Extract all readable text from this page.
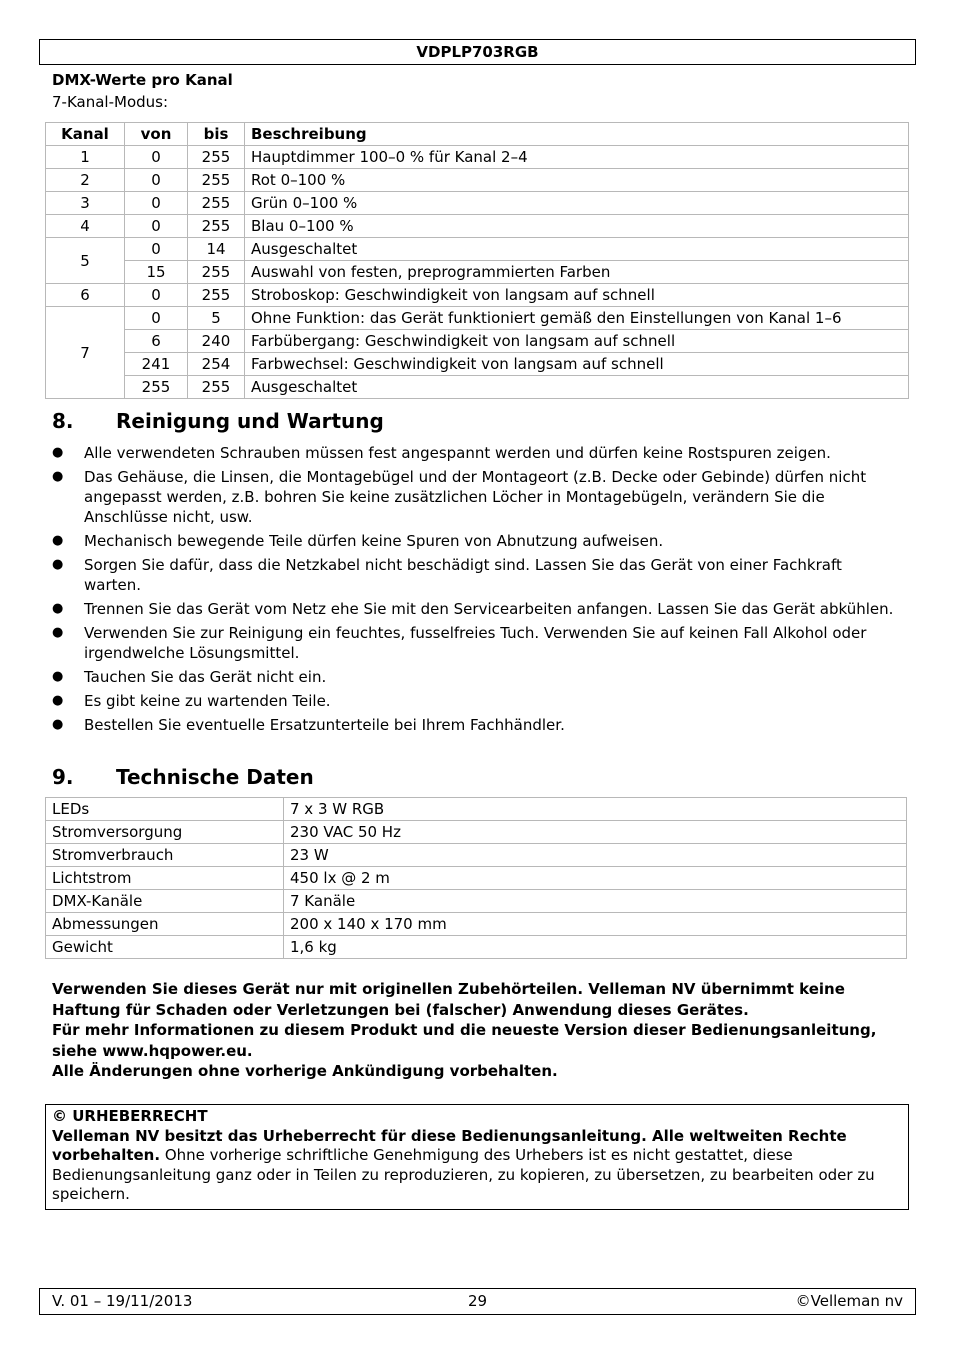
VDPLP703RGB
DMX-Werte pro Kanal
7-Kanal-Modus:
Kanal	von	bis	Beschreibung
1	0	255	Hauptdimmer 100–0 % für Kanal 2–4
2	0	255	Rot 0–100 %
3	0	255	Grün 0–100 %
4	0	255	Blau 0–100 %
5	0	14	Ausgeschaltet
	15	255	Auswahl von festen, preprogrammierten Farben
6	0	255	Stroboskop: Geschwindigkeit von langsam auf schnell
7	0	5	Ohne Funktion: das Gerät funktioniert gemäß den Einstellungen von Kanal 1–6
	6	240	Farbübergang: Geschwindigkeit von langsam auf schnell
	241	254	Farbwechsel: Geschwindigkeit von langsam auf schnell
	255	255	Ausgeschaltet
8. Reinigung und Wartung
● Alle verwendeten Schrauben müssen fest angespannt werden und dürfen keine Rostspuren zeigen.
● Das Gehäuse, die Linsen, die Montagebügel und der Montageort (z.B. Decke oder Gebinde) dürfen nicht angepasst werden, z.B. bohren Sie keine zusätzlichen Löcher in Montagebügeln, verändern Sie die Anschlüsse nicht, usw.
● Mechanisch bewegende Teile dürfen keine Spuren von Abnutzung aufweisen.
● Sorgen Sie dafür, dass die Netzkabel nicht beschädigt sind. Lassen Sie das Gerät von einer Fachkraft warten.
● Trennen Sie das Gerät vom Netz ehe Sie mit den Servicearbeiten anfangen. Lassen Sie das Gerät abkühlen.
● Verwenden Sie zur Reinigung ein feuchtes, fusselfreies Tuch. Verwenden Sie auf keinen Fall Alkohol oder irgendwelche Lösungsmittel.
● Tauchen Sie das Gerät nicht ein.
● Es gibt keine zu wartenden Teile.
● Bestellen Sie eventuelle Ersatzunterteile bei Ihrem Fachhändler.
9. Technische Daten
LEDs	7 x 3 W RGB
Stromversorgung	230 VAC 50 Hz
Stromverbrauch	23 W
Lichtstrom	450 lx @ 2 m
DMX-Kanäle	7 Kanäle
Abmessungen	200 x 140 x 170 mm
Gewicht	1,6 kg
Verwenden Sie dieses Gerät nur mit originellen Zubehörteilen. Velleman NV übernimmt keine Haftung für Schaden oder Verletzungen bei (falscher) Anwendung dieses Gerätes.
Für mehr Informationen zu diesem Produkt und die neueste Version dieser Bedienungsanleitung, siehe www.hqpower.eu.
Alle Änderungen ohne vorherige Ankündigung vorbehalten.
© URHEBERRECHT
Velleman NV besitzt das Urheberrecht für diese Bedienungsanleitung. Alle weltweiten Rechte vorbehalten. Ohne vorherige schriftliche Genehmigung des Urhebers ist es nicht gestattet, diese Bedienungsanleitung ganz oder in Teilen zu reproduzieren, zu kopieren, zu übersetzen, zu bearbeiten oder zu speichern.
29
V. 01 – 19/11/2013	©Velleman nv
